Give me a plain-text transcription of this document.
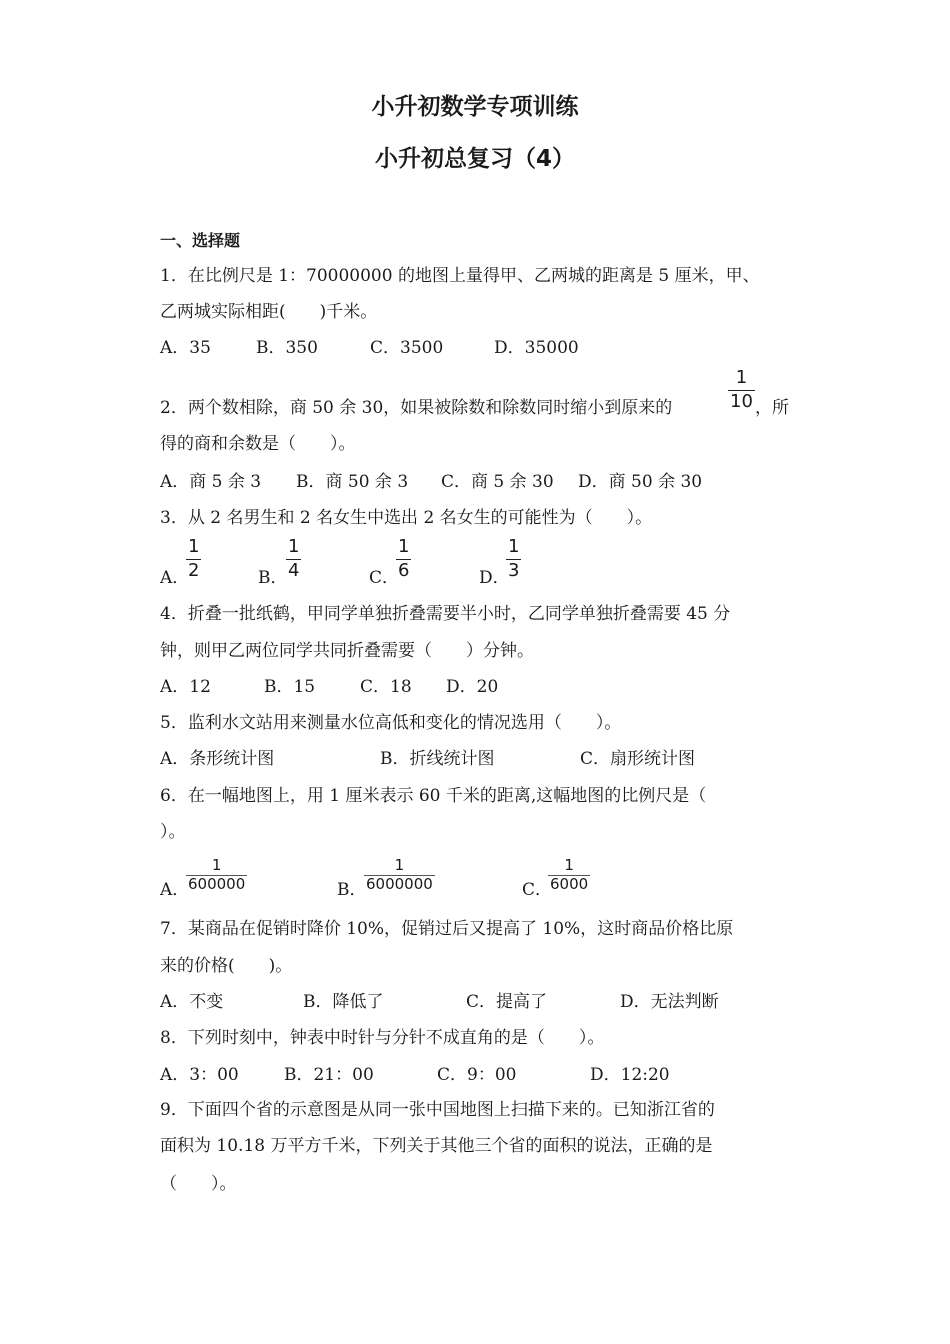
小升初数学专项训练
小升初总复习（4）
一、选择题
1．在比例尺是 1：70000000 的地图上量得甲、乙两城的距离是 5 厘米，甲、
乙两城实际相距(　　)千米。
A．35	B．350	C．3500	D．35000
2．两个数相除，商 50 余 30，如果被除数和除数同时缩小到原来的
1
10 ，所
得的商和余数是（　　）。
A．商 5 余 3 B．商 50 余 3 C．商 5 余 30 D．商 50 余 30
3．从 2 名男生和 2 名女生中选出 2 名女生的可能性为（　　）。
A．
1
2	B．
1
4	C．
1
6	D．
1
3
4．折叠一批纸鹤，甲同学单独折叠需要半小时，乙同学单独折叠需要 45 分
钟，则甲乙两位同学共同折叠需要（　　）分钟。
A．12	B．15	C．18 D．20
5．监利水文站用来测量水位高低和变化的情况选用（　　）。
A．条形统计图	B．折线统计图	C．扇形统计图
6．在一幅地图上，用 1 厘米表示 60 千米的距离,这幅地图的比例尺是（
）。
A．
1
600000	B．
1
6000000	C．
1
6000
7．某商品在促销时降价 10%，促销过后又提高了 10%，这时商品价格比原
来的价格(　　)。
A．不变	B．降低了	C．提高了	D．无法判断
8．下列时刻中，钟表中时针与分针不成直角的是（　　）。
A．3：00	B．21：00	C．9：00	D．12:20
9．下面四个省的示意图是从同一张中国地图上扫描下来的。已知浙江省的
面积为 10.18 万平方千米，下列关于其他三个省的面积的说法，正确的是
（　　）。
